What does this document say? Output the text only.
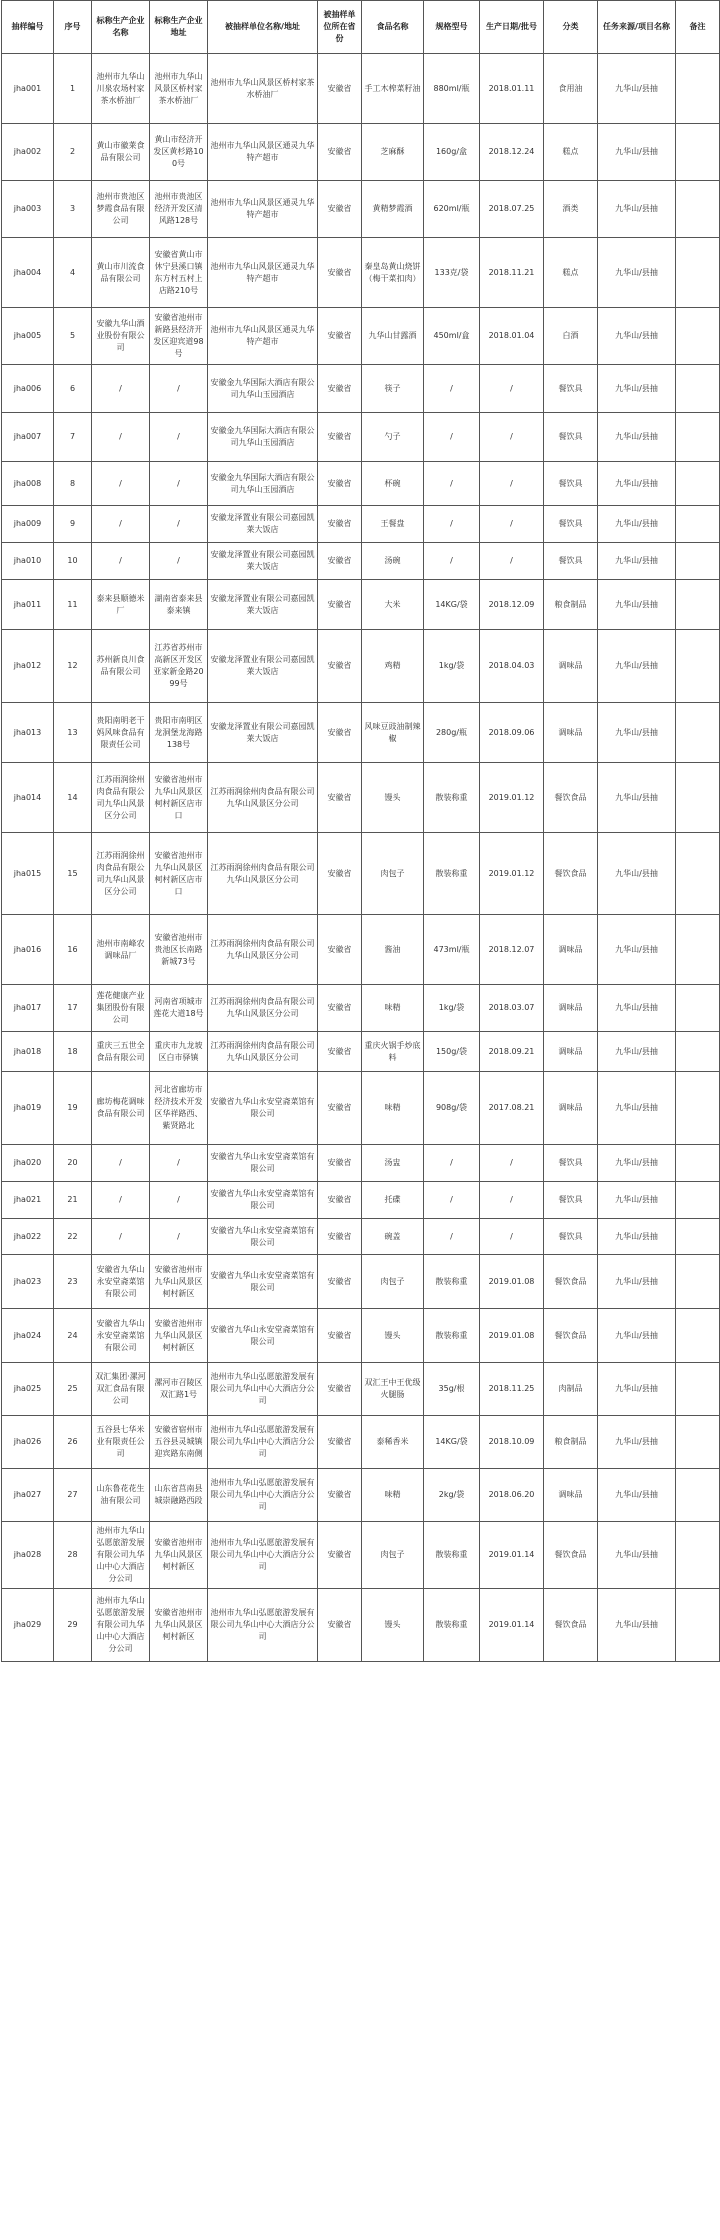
抽样编号	序号	标称生产企业名称	标称生产企业地址	被抽样单位名称/地址	被抽样单位所在省份	食品名称	规格型号	生产日期/批号	分类	任务来源/项目名称	备注
jha001	1	池州市九华山川泉农场村家茶水桥油厂	池州市九华山风景区桥村家茶水桥油厂	池州市九华山风景区桥村家茶水桥油厂	安徽省	手工木榨菜籽油	880ml/瓶	2018.01.11	食用油	九华山/县抽	
jha002	2	黄山市徽莱食品有限公司	黄山市经济开发区黄杉路100号	池州市九华山风景区通灵九华特产超市	安徽省	芝麻酥	160g/盒	2018.12.24	糕点	九华山/县抽	
jha003	3	池州市贵池区梦霞食品有限公司	池州市贵池区经济开发区清风路128号	池州市九华山风景区通灵九华特产超市	安徽省	黄精梦霞酒	620ml/瓶	2018.07.25	酒类	九华山/县抽	
jha004	4	黄山市川流食品有限公司	安徽省黄山市休宁县溪口镇东方村五村上店路210号	池州市九华山风景区通灵九华特产超市	安徽省	秦皇岛黄山烧饼（梅干菜扣肉）	133克/袋	2018.11.21	糕点	九华山/县抽	
jha005	5	安徽九华山酒业股份有限公司	安徽省池州市新路县经济开发区迎宾道98号	池州市九华山风景区通灵九华特产超市	安徽省	九华山甘露酒	450ml/盒	2018.01.04	白酒	九华山/县抽	
jha006	6	/	/	安徽金九华国际大酒店有限公司九华山玉园酒店	安徽省	筷子	/	/	餐饮具	九华山/县抽	
jha007	7	/	/	安徽金九华国际大酒店有限公司九华山玉园酒店	安徽省	勺子	/	/	餐饮具	九华山/县抽	
jha008	8	/	/	安徽金九华国际大酒店有限公司九华山玉园酒店	安徽省	杯碗	/	/	餐饮具	九华山/县抽	
jha009	9	/	/	安徽龙泽置业有限公司嘉园凯莱大饭店	安徽省	王餐盘	/	/	餐饮具	九华山/县抽	
jha010	10	/	/	安徽龙泽置业有限公司嘉园凯莱大饭店	安徽省	汤碗	/	/	餐饮具	九华山/县抽	
jha011	11	泰来县顺德米厂	湖南省泰来县泰来镇	安徽龙泽置业有限公司嘉园凯莱大饭店	安徽省	大米	14KG/袋	2018.12.09	粮食制品	九华山/县抽	
jha012	12	苏州新良川食品有限公司	江苏省苏州市高新区开发区亚家新金路2099号	安徽龙泽置业有限公司嘉园凯莱大饭店	安徽省	鸡精	1kg/袋	2018.04.03	调味品	九华山/县抽	
jha013	13	贵阳南明老干妈风味食品有限责任公司	贵阳市南明区龙洞堡龙海路138号	安徽龙泽置业有限公司嘉园凯莱大饭店	安徽省	风味豆豉油制辣椒	280g/瓶	2018.09.06	调味品	九华山/县抽	
jha014	14	江苏雨润徐州肉食品有限公司九华山风景区分公司	安徽省池州市九华山风景区柯村新区店市口	江苏雨润徐州肉食品有限公司九华山风景区分公司	安徽省	馒头	散装称重	2019.01.12	餐饮食品	九华山/县抽	
jha015	15	江苏雨润徐州肉食品有限公司九华山风景区分公司	安徽省池州市九华山风景区柯村新区店市口	江苏雨润徐州肉食品有限公司九华山风景区分公司	安徽省	肉包子	散装称重	2019.01.12	餐饮食品	九华山/县抽	
jha016	16	池州市南峰农调味品厂	安徽省池州市贵池区长南路新城73号	江苏雨润徐州肉食品有限公司九华山风景区分公司	安徽省	酱油	473ml/瓶	2018.12.07	调味品	九华山/县抽	
jha017	17	莲花健康产业集团股份有限公司	河南省项城市莲花大道18号	江苏雨润徐州肉食品有限公司九华山风景区分公司	安徽省	味精	1kg/袋	2018.03.07	调味品	九华山/县抽	
jha018	18	重庆三五世全食品有限公司	重庆市九龙坡区白市驿镇	江苏雨润徐州肉食品有限公司九华山风景区分公司	安徽省	重庆火锅手炒底料	150g/袋	2018.09.21	调味品	九华山/县抽	
jha019	19	廊坊梅花调味食品有限公司	河北省廊坊市经济技术开发区华祥路西、紫贤路北	安徽省九华山永安堂斋菜馆有限公司	安徽省	味精	908g/袋	2017.08.21	调味品	九华山/县抽	
jha020	20	/	/	安徽省九华山永安堂斋菜馆有限公司	安徽省	汤盅	/	/	餐饮具	九华山/县抽	
jha021	21	/	/	安徽省九华山永安堂斋菜馆有限公司	安徽省	托碟	/	/	餐饮具	九华山/县抽	
jha022	22	/	/	安徽省九华山永安堂斋菜馆有限公司	安徽省	碗盖	/	/	餐饮具	九华山/县抽	
jha023	23	安徽省九华山永安堂斋菜馆有限公司	安徽省池州市九华山风景区柯村新区	安徽省九华山永安堂斋菜馆有限公司	安徽省	肉包子	散装称重	2019.01.08	餐饮食品	九华山/县抽	
jha024	24	安徽省九华山永安堂斋菜馆有限公司	安徽省池州市九华山风景区柯村新区	安徽省九华山永安堂斋菜馆有限公司	安徽省	馒头	散装称重	2019.01.08	餐饮食品	九华山/县抽	
jha025	25	双汇集团·漯河双汇食品有限公司	漯河市召陵区双汇路1号	池州市九华山弘愿旅游发展有限公司九华山中心大酒店分公司	安徽省	双汇王中王优级火腿肠	35g/根	2018.11.25	肉制品	九华山/县抽	
jha026	26	五谷县七华米业有限责任公司	安徽省宿州市五谷县灵城镇迎宾路东南侧	池州市九华山弘愿旅游发展有限公司九华山中心大酒店分公司	安徽省	泰稀香米	14KG/袋	2018.10.09	粮食制品	九华山/县抽	
jha027	27	山东鲁花花生油有限公司	山东省莒南县城崇融路西段	池州市九华山弘愿旅游发展有限公司九华山中心大酒店分公司	安徽省	味精	2kg/袋	2018.06.20	调味品	九华山/县抽	
jha028	28	池州市九华山弘愿旅游发展有限公司九华山中心大酒店分公司	安徽省池州市九华山风景区柯村新区	池州市九华山弘愿旅游发展有限公司九华山中心大酒店分公司	安徽省	肉包子	散装称重	2019.01.14	餐饮食品	九华山/县抽	
jha029	29	池州市九华山弘愿旅游发展有限公司九华山中心大酒店分公司	安徽省池州市九华山风景区柯村新区	池州市九华山弘愿旅游发展有限公司九华山中心大酒店分公司	安徽省	馒头	散装称重	2019.01.14	餐饮食品	九华山/县抽	
